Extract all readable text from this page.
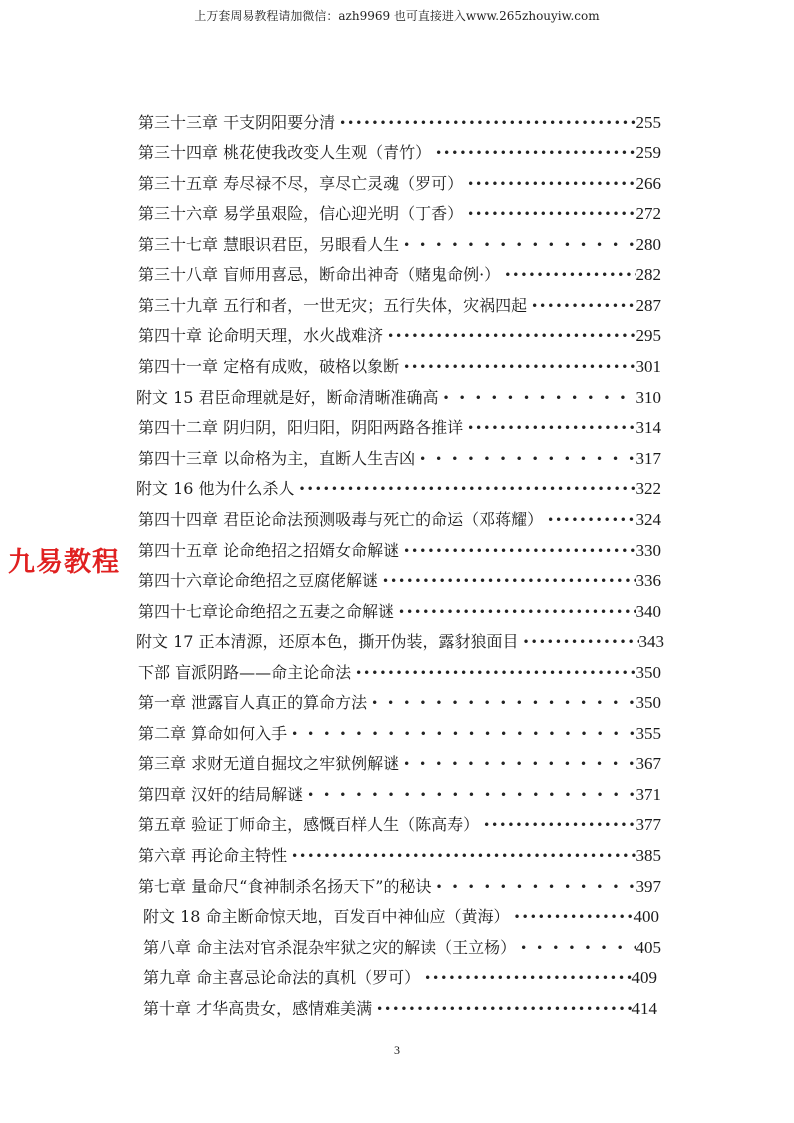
上万套周易教程请加微信：azh9969 也可直接进入www.265zhouyiw.com
第三十三章 干支阴阳要分清 •••••	255
第三十四章 桃花使我改变人生观（青竹） •••••	259
第三十五章 寿尽禄不尽，享尽亡灵魂（罗可） •••••	266
第三十六章 易学虽艰险，信心迎光明（丁香） •••••	272
第三十七章 慧眼识君臣，另眼看人生 •••••	280
第三十八章 盲师用喜忌，断命出神奇（赌鬼命例·） •••••	282
第三十九章 五行和者，一世无灾；五行失体，灾祸四起 •••••	287
第四十章 论命明天理，水火战难济 •••••	295
第四十一章 定格有成败，破格以象断 •••••	301
附文 15 君臣命理就是好，断命清晰准确高 •••••	310
第四十二章 阴归阴，阳归阳，阴阳两路各推详 •••••	314
第四十三章 以命格为主，直断人生吉凶 •••••	317
附文 16 他为什么杀人 •••••	322
第四十四章 君臣论命法预测吸毒与死亡的命运（邓蒋耀） •••••	324
第四十五章 论命绝招之招婿女命解谜 •••••	330
第四十六章论命绝招之豆腐佬解谜 •••••	336
第四十七章论命绝招之五妻之命解谜 •••••	340
附文 17 正本清源，还原本色，撕开伪装，露豺狼面目 •••••	343
下部 盲派阴路——命主论命法 •••••	350
第一章 泄露盲人真正的算命方法 •••••	350
第二章 算命如何入手 •••••	355
第三章 求财无道自掘坟之牢狱例解谜 •••••	367
第四章 汉奸的结局解谜 •••••	371
第五章 验证丁师命主，感慨百样人生（陈高寿） •••••	377
第六章 再论命主特性 •••••	385
第七章 量命尺“食神制杀名扬天下”的秘诀 •••••	397
附文 18 命主断命惊天地，百发百中神仙应（黄海） •••••	400
第八章 命主法对官杀混杂牢狱之灾的解读（王立杨） •••••	405
第九章 命主喜忌论命法的真机（罗可） •••••	409
第十章 才华高贵女，感情难美满 •••••	414
九易教程
3
